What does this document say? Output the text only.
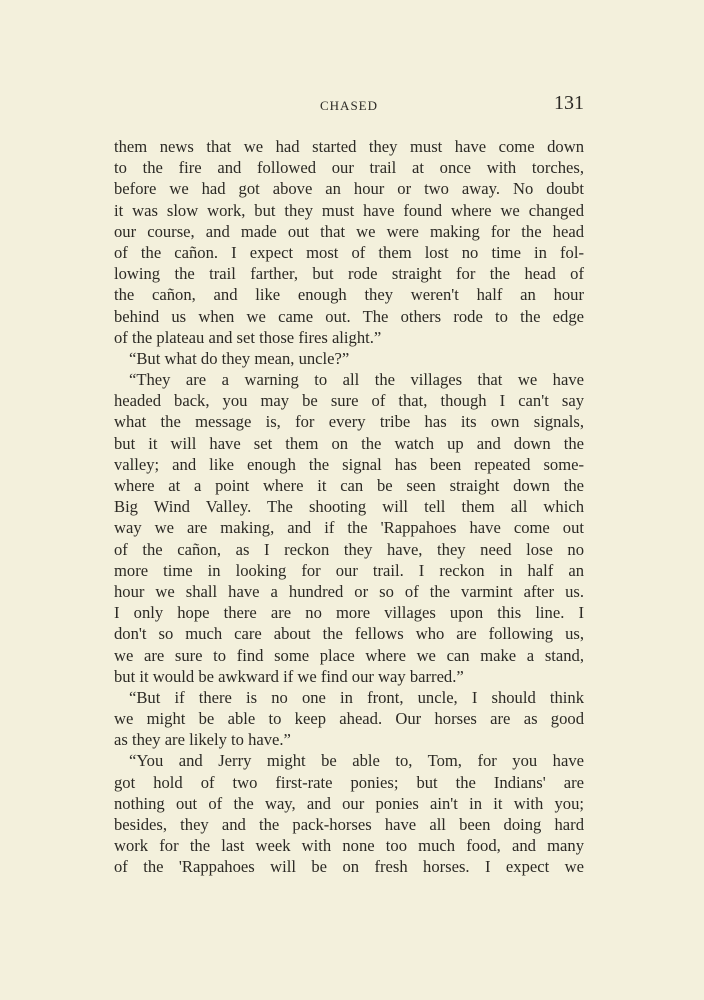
CHASED	131
them news that we had started they must have come down
to the fire and followed our trail at once with torches,
before we had got above an hour or two away. No doubt
it was slow work, but they must have found where we changed
our course, and made out that we were making for the head
of the cañon. I expect most of them lost no time in fol-
lowing the trail farther, but rode straight for the head of
the cañon, and like enough they weren't half an hour
behind us when we came out. The others rode to the edge
of the plateau and set those fires alight.”
“But what do they mean, uncle?”
“They are a warning to all the villages that we have
headed back, you may be sure of that, though I can't say
what the message is, for every tribe has its own signals,
but it will have set them on the watch up and down the
valley; and like enough the signal has been repeated some-
where at a point where it can be seen straight down the
Big Wind Valley. The shooting will tell them all which
way we are making, and if the 'Rappahoes have come out
of the cañon, as I reckon they have, they need lose no
more time in looking for our trail. I reckon in half an
hour we shall have a hundred or so of the varmint after us.
I only hope there are no more villages upon this line. I
don't so much care about the fellows who are following us,
we are sure to find some place where we can make a stand,
but it would be awkward if we find our way barred.”
“But if there is no one in front, uncle, I should think
we might be able to keep ahead. Our horses are as good
as they are likely to have.”
“You and Jerry might be able to, Tom, for you have
got hold of two first-rate ponies; but the Indians' are
nothing out of the way, and our ponies ain't in it with you;
besides, they and the pack-horses have all been doing hard
work for the last week with none too much food, and many
of the 'Rappahoes will be on fresh horses. I expect we
